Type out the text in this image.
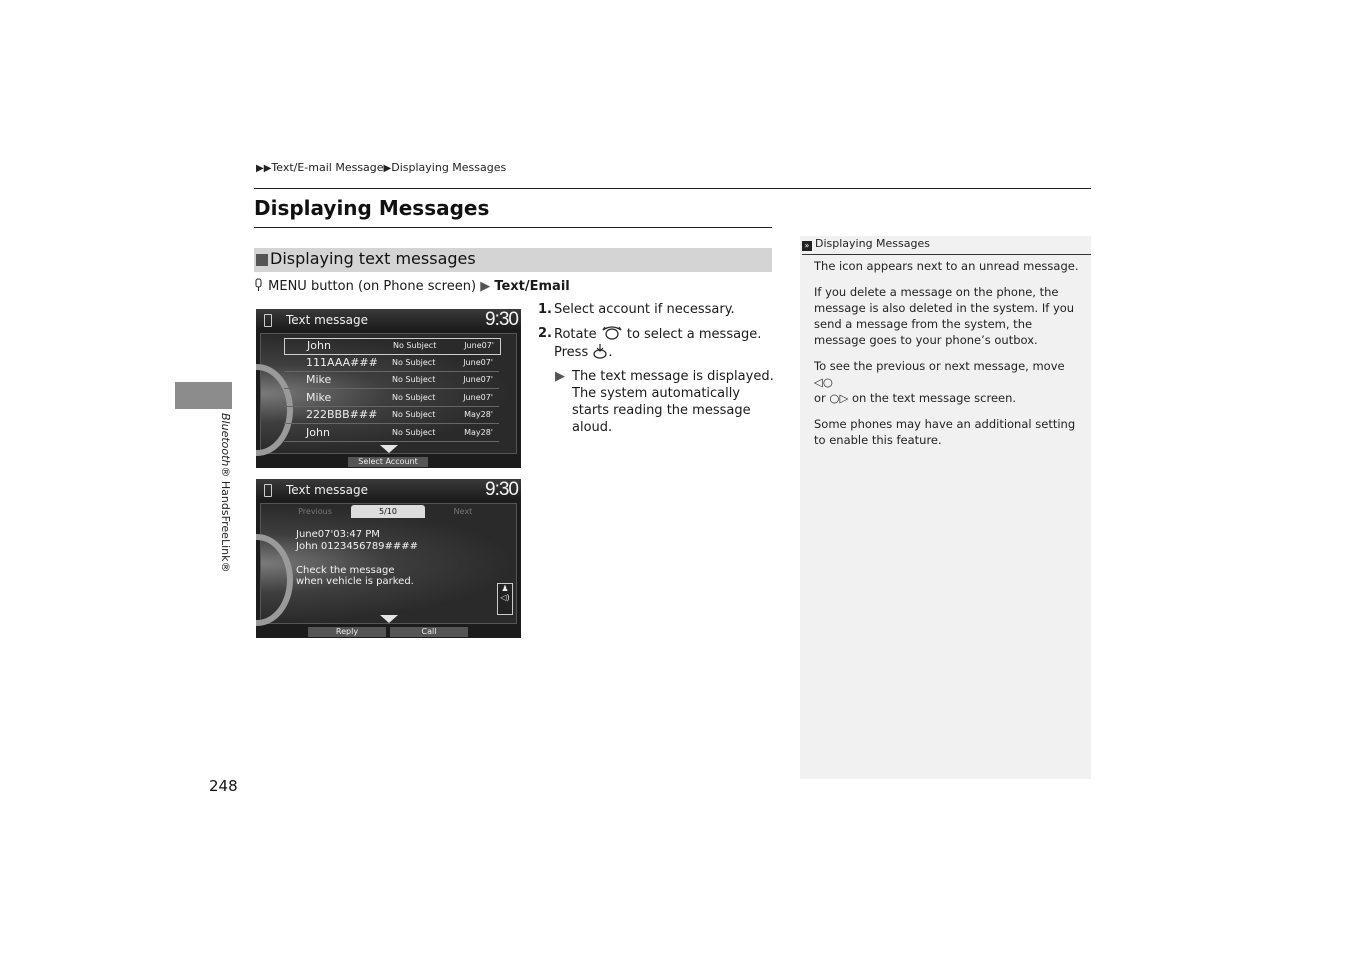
▶▶Text/E-mail Message▶Displaying Messages
Displaying Messages
Displaying text messages
MENU button (on Phone screen) ▶ Text/Email
Text message	9:30
John	No Subject	June07'
111AAA### No Subject	June07'
Mike	No Subject	June07'
Mike	No Subject	June07'
222BBB### No Subject	May28'
John	No Subject	May28'
Select Account
Text message	9:30
Previous	5/10	Next
June07'03:47 PM
John 0123456789####
Check the message
when vehicle is parked.
♟
◁)
Reply	Call
1. Select account if necessary.
2. Rotate to select a message.
Press .
▶ The text message is displayed. The system automatically starts reading the message aloud.
Bluetooth® HandsFreeLink®
248
» Displaying Messages

The icon appears next to an unread message.

If you delete a message on the phone, the message is also deleted in the system. If you send a message from the system, the message goes to your phone’s outbox.

To see the previous or next message, move ◁○
or ○▷ on the text message screen.

Some phones may have an additional setting to enable this feature.
